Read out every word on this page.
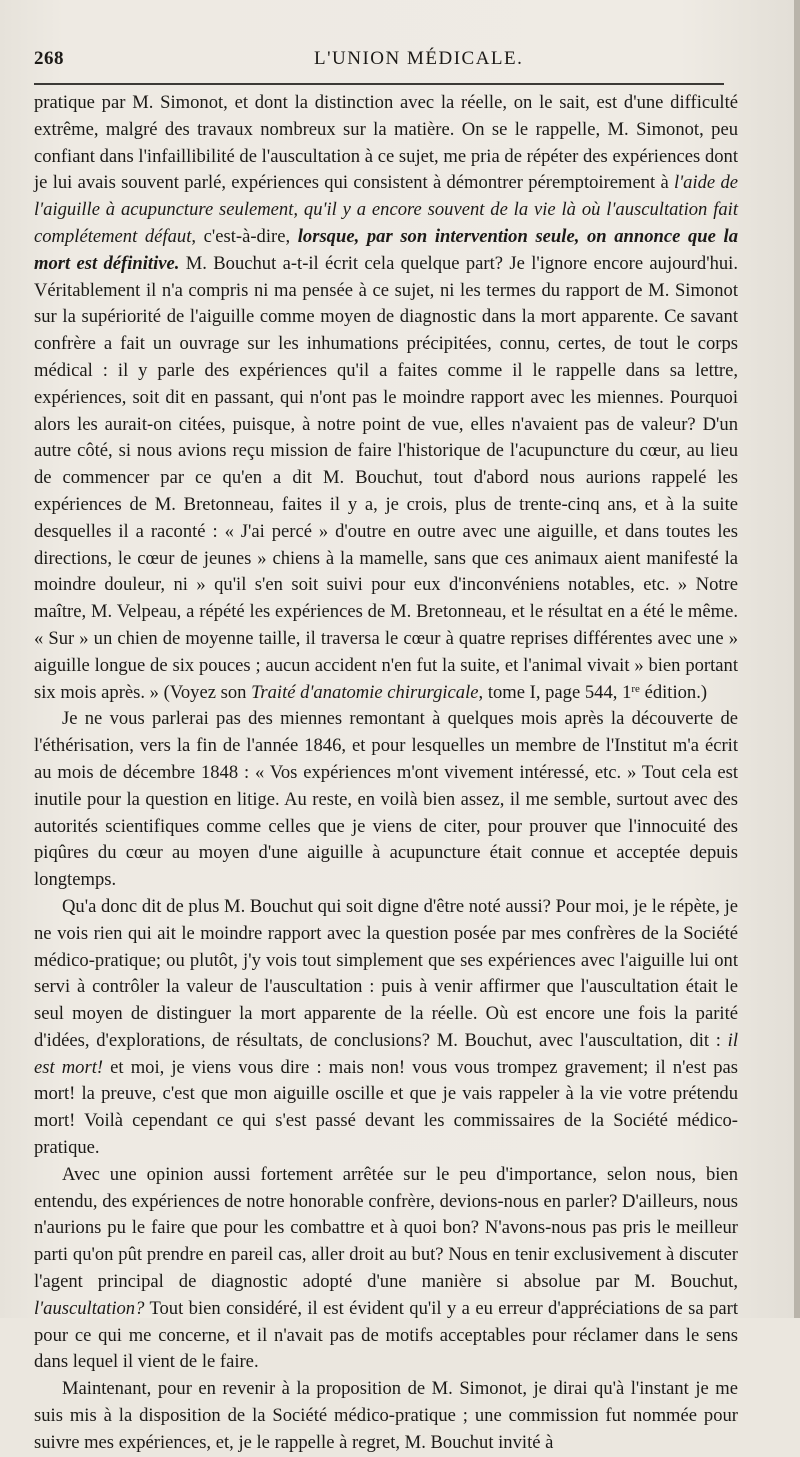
268	L'UNION MÉDICALE.

pratique par M. Simonot, et dont la distinction avec la réelle, on le sait, est d'une difficulté extrême, malgré des travaux nombreux sur la matière. On se le rappelle, M. Simonot, peu confiant dans l'infaillibilité de l'auscultation à ce sujet, me pria de répéter des expériences dont je lui avais souvent parlé, expériences qui consistent à démontrer péremptoirement à l'aide de l'aiguille à acupuncture seulement, qu'il y a encore souvent de la vie là où l'auscultation fait complétement défaut, c'est-à-dire, lorsque, par son intervention seule, on annonce que la mort est définitive. M. Bouchut a-t-il écrit cela quelque part? Je l'ignore encore aujourd'hui. Véritablement il n'a compris ni ma pensée à ce sujet, ni les termes du rapport de M. Simonot sur la supériorité de l'aiguille comme moyen de diagnostic dans la mort apparente. Ce savant confrère a fait un ouvrage sur les inhumations précipitées, connu, certes, de tout le corps médical : il y parle des expériences qu'il a faites comme il le rappelle dans sa lettre, expériences, soit dit en passant, qui n'ont pas le moindre rapport avec les miennes. Pourquoi alors les aurait-on citées, puisque, à notre point de vue, elles n'avaient pas de valeur? D'un autre côté, si nous avions reçu mission de faire l'historique de l'acupuncture du cœur, au lieu de commencer par ce qu'en a dit M. Bouchut, tout d'abord nous aurions rappelé les expériences de M. Bretonneau, faites il y a, je crois, plus de trente-cinq ans, et à la suite desquelles il a raconté : « J'ai percé » d'outre en outre avec une aiguille, et dans toutes les directions, le cœur de jeunes » chiens à la mamelle, sans que ces animaux aient manifesté la moindre douleur, ni » qu'il s'en soit suivi pour eux d'inconvéniens notables, etc. » Notre maître, M. Velpeau, a répété les expériences de M. Bretonneau, et le résultat en a été le même. « Sur » un chien de moyenne taille, il traversa le cœur à quatre reprises différentes avec une » aiguille longue de six pouces ; aucun accident n'en fut la suite, et l'animal vivait » bien portant six mois après. » (Voyez son Traité d'anatomie chirurgicale, tome I, page 544, 1re édition.)

Je ne vous parlerai pas des miennes remontant à quelques mois après la découverte de l'éthérisation, vers la fin de l'année 1846, et pour lesquelles un membre de l'Institut m'a écrit au mois de décembre 1848 : « Vos expériences m'ont vivement intéressé, etc. » Tout cela est inutile pour la question en litige. Au reste, en voilà bien assez, il me semble, surtout avec des autorités scientifiques comme celles que je viens de citer, pour prouver que l'innocuité des piqûres du cœur au moyen d'une aiguille à acupuncture était connue et acceptée depuis longtemps.

Qu'a donc dit de plus M. Bouchut qui soit digne d'être noté aussi? Pour moi, je le répète, je ne vois rien qui ait le moindre rapport avec la question posée par mes confrères de la Société médico-pratique; ou plutôt, j'y vois tout simplement que ses expériences avec l'aiguille lui ont servi à contrôler la valeur de l'auscultation : puis à venir affirmer que l'auscultation était le seul moyen de distinguer la mort apparente de la réelle. Où est encore une fois la parité d'idées, d'explorations, de résultats, de conclusions? M. Bouchut, avec l'auscultation, dit : il est mort! et moi, je viens vous dire : mais non! vous vous trompez gravement; il n'est pas mort! la preuve, c'est que mon aiguille oscille et que je vais rappeler à la vie votre prétendu mort! Voilà cependant ce qui s'est passé devant les commissaires de la Société médico-pratique.

Avec une opinion aussi fortement arrêtée sur le peu d'importance, selon nous, bien entendu, des expériences de notre honorable confrère, devions-nous en parler? D'ailleurs, nous n'aurions pu le faire que pour les combattre et à quoi bon? N'avons-nous pas pris le meilleur parti qu'on pût prendre en pareil cas, aller droit au but? Nous en tenir exclusivement à discuter l'agent principal de diagnostic adopté d'une manière si absolue par M. Bouchut, l'auscultation? Tout bien considéré, il est évident qu'il y a eu erreur d'appréciations de sa part pour ce qui me concerne, et il n'avait pas de motifs acceptables pour réclamer dans le sens dans lequel il vient de le faire.

Maintenant, pour en revenir à la proposition de M. Simonot, je dirai qu'à l'instant je me suis mis à la disposition de la Société médico-pratique ; une commission fut nommée pour suivre mes expériences, et, je le rappelle à regret, M. Bouchut invité à
